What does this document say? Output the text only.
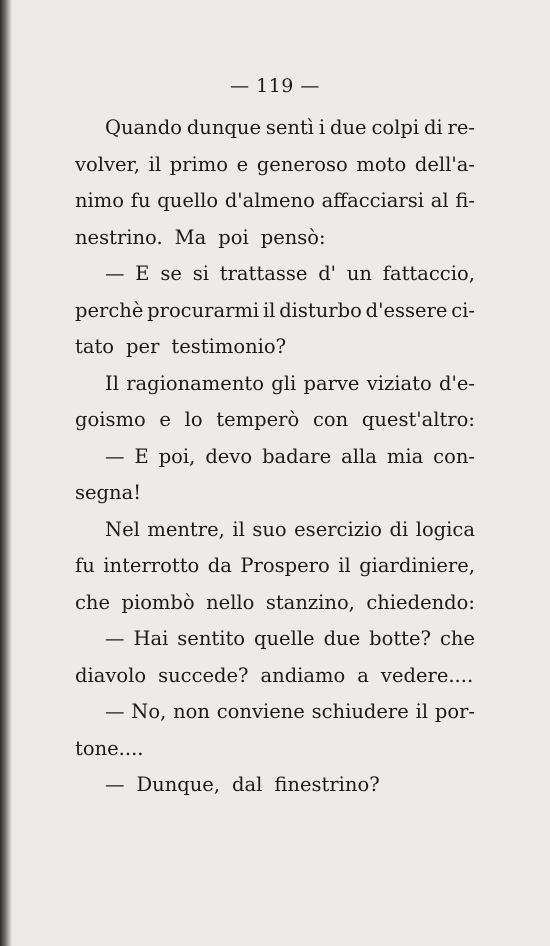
— 119 —
Quando dunque sentì i due colpi di re-
volver, il primo e generoso moto dell'a-
nimo fu quello d'almeno affacciarsi al fi-
nestrino. Ma poi pensò:
— E se si trattasse d' un fattaccio,
perchè procurarmi il disturbo d'essere ci-
tato per testimonio?
Il ragionamento gli parve viziato d'e-
goismo e lo temperò con quest'altro:
— E poi, devo badare alla mia con-
segna!
Nel mentre, il suo esercizio di logica
fu interrotto da Prospero il giardiniere,
che piombò nello stanzino, chiedendo:
— Hai sentito quelle due botte? che
diavolo succede? andiamo a vedere....
— No, non conviene schiudere il por-
tone....
— Dunque, dal finestrino?
